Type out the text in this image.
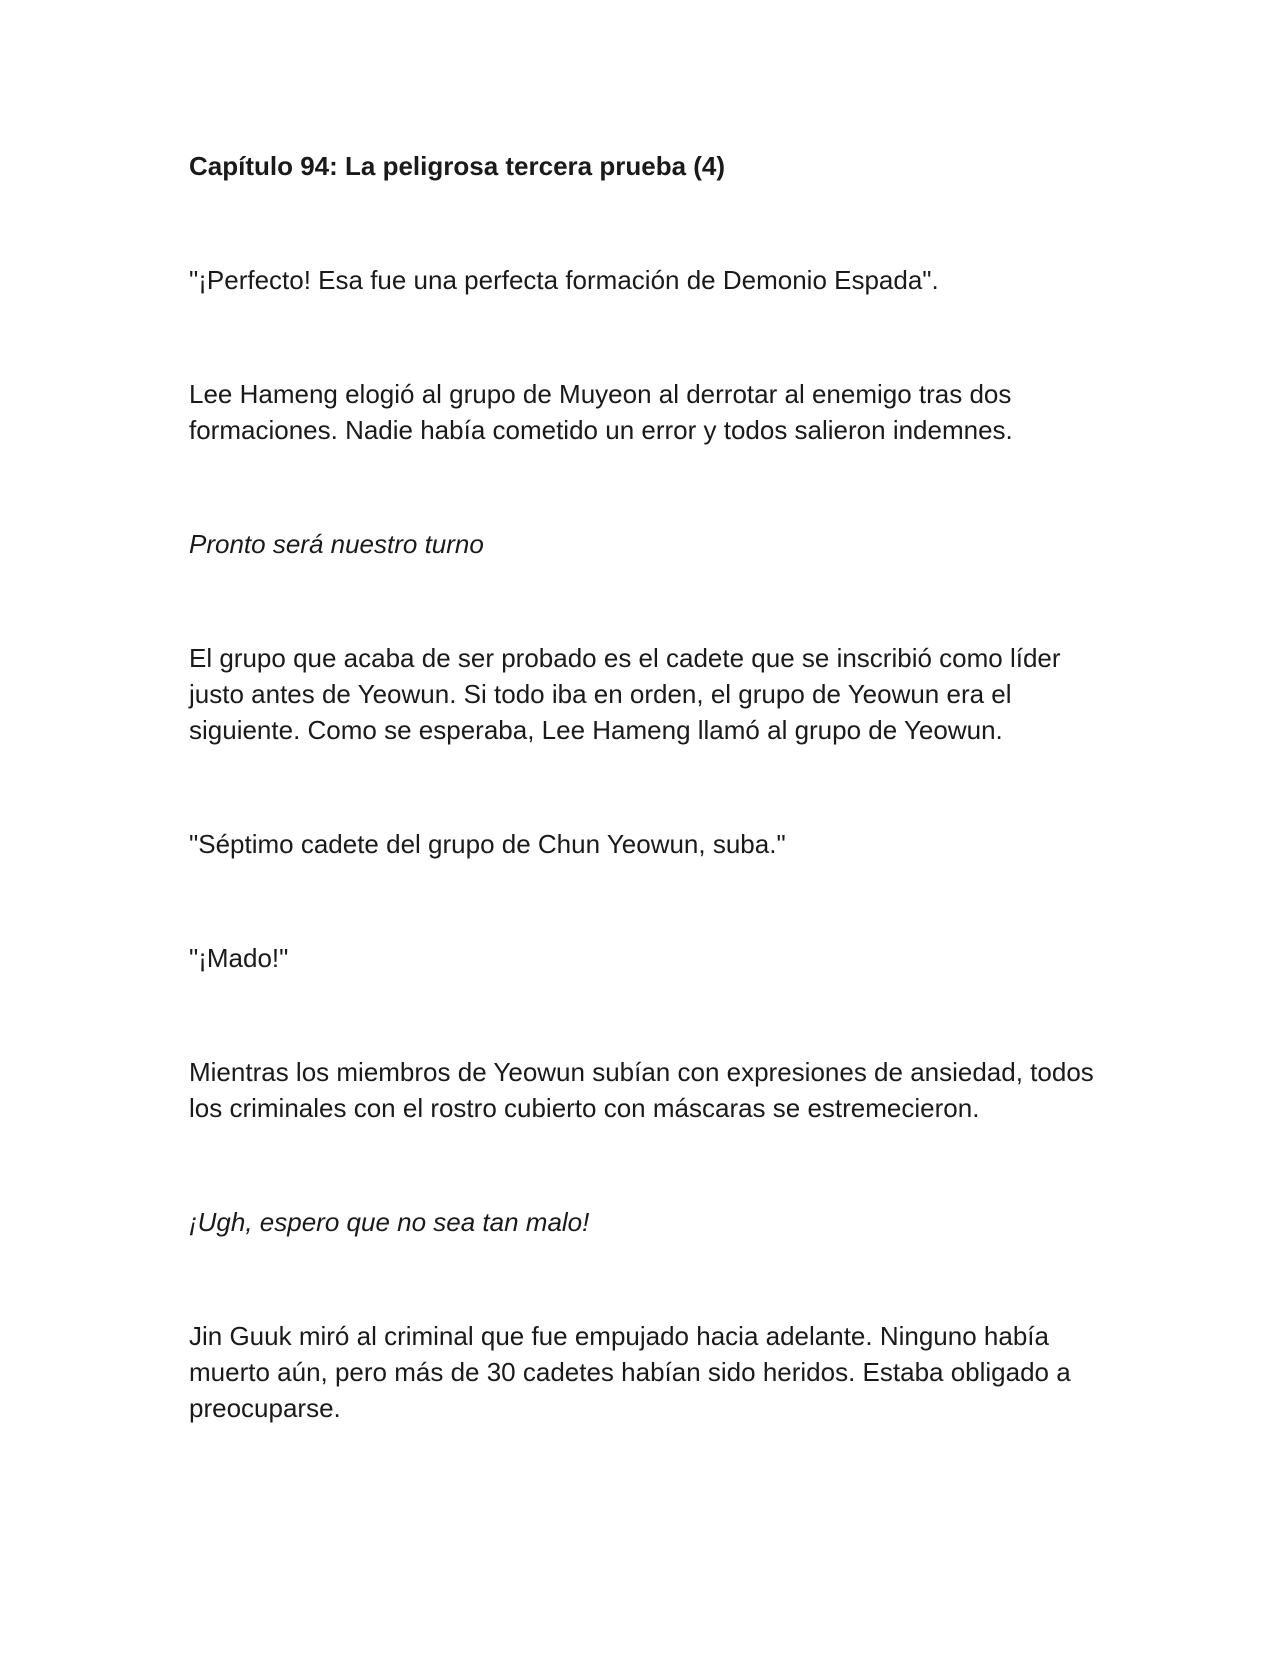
Capítulo 94: La peligrosa tercera prueba (4)

"¡Perfecto! Esa fue una perfecta formación de Demonio Espada".

Lee Hameng elogió al grupo de Muyeon al derrotar al enemigo tras dos formaciones. Nadie había cometido un error y todos salieron indemnes.

Pronto será nuestro turno

El grupo que acaba de ser probado es el cadete que se inscribió como líder justo antes de Yeowun. Si todo iba en orden, el grupo de Yeowun era el siguiente. Como se esperaba, Lee Hameng llamó al grupo de Yeowun.

"Séptimo cadete del grupo de Chun Yeowun, suba."

"¡Mado!"

Mientras los miembros de Yeowun subían con expresiones de ansiedad, todos los criminales con el rostro cubierto con máscaras se estremecieron.

¡Ugh, espero que no sea tan malo!

Jin Guuk miró al criminal que fue empujado hacia adelante. Ninguno había muerto aún, pero más de 30 cadetes habían sido heridos. Estaba obligado a preocuparse.
